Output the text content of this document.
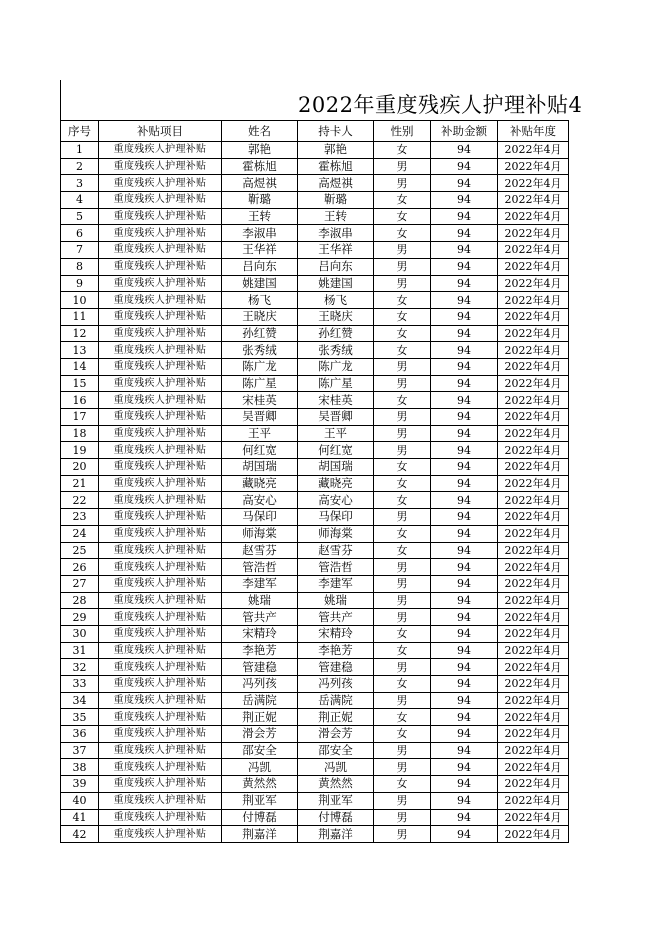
2022年重度残疾人护理补贴4
序号	补贴项目	姓名	持卡人	性别	补助金额	补贴年度
1	重度残疾人护理补贴	郭艳	郭艳	女	94	2022年4月
2	重度残疾人护理补贴	霍栋旭	霍栋旭	男	94	2022年4月
3	重度残疾人护理补贴	高煜祺	高煜祺	男	94	2022年4月
4	重度残疾人护理补贴	靳璐	靳璐	女	94	2022年4月
5	重度残疾人护理补贴	王转	王转	女	94	2022年4月
6	重度残疾人护理补贴	李淑串	李淑串	女	94	2022年4月
7	重度残疾人护理补贴	王华祥	王华祥	男	94	2022年4月
8	重度残疾人护理补贴	吕向东	吕向东	男	94	2022年4月
9	重度残疾人护理补贴	姚建国	姚建国	男	94	2022年4月
10	重度残疾人护理补贴	杨飞	杨飞	女	94	2022年4月
11	重度残疾人护理补贴	王晓庆	王晓庆	女	94	2022年4月
12	重度残疾人护理补贴	孙红赞	孙红赞	女	94	2022年4月
13	重度残疾人护理补贴	张秀绒	张秀绒	女	94	2022年4月
14	重度残疾人护理补贴	陈广龙	陈广龙	男	94	2022年4月
15	重度残疾人护理补贴	陈广星	陈广星	男	94	2022年4月
16	重度残疾人护理补贴	宋桂英	宋桂英	女	94	2022年4月
17	重度残疾人护理补贴	吴晋卿	吴晋卿	男	94	2022年4月
18	重度残疾人护理补贴	王平	王平	男	94	2022年4月
19	重度残疾人护理补贴	何红宽	何红宽	男	94	2022年4月
20	重度残疾人护理补贴	胡国瑞	胡国瑞	女	94	2022年4月
21	重度残疾人护理补贴	藏晓亮	藏晓亮	女	94	2022年4月
22	重度残疾人护理补贴	高安心	高安心	女	94	2022年4月
23	重度残疾人护理补贴	马保印	马保印	男	94	2022年4月
24	重度残疾人护理补贴	师海棠	师海棠	女	94	2022年4月
25	重度残疾人护理补贴	赵雪芬	赵雪芬	女	94	2022年4月
26	重度残疾人护理补贴	管浩哲	管浩哲	男	94	2022年4月
27	重度残疾人护理补贴	李建军	李建军	男	94	2022年4月
28	重度残疾人护理补贴	姚瑞	姚瑞	男	94	2022年4月
29	重度残疾人护理补贴	管共产	管共产	男	94	2022年4月
30	重度残疾人护理补贴	宋精玲	宋精玲	女	94	2022年4月
31	重度残疾人护理补贴	李艳芳	李艳芳	女	94	2022年4月
32	重度残疾人护理补贴	管建稳	管建稳	男	94	2022年4月
33	重度残疾人护理补贴	冯列孩	冯列孩	女	94	2022年4月
34	重度残疾人护理补贴	岳满院	岳满院	男	94	2022年4月
35	重度残疾人护理补贴	荆正妮	荆正妮	女	94	2022年4月
36	重度残疾人护理补贴	滑会芳	滑会芳	女	94	2022年4月
37	重度残疾人护理补贴	邵安全	邵安全	男	94	2022年4月
38	重度残疾人护理补贴	冯凯	冯凯	男	94	2022年4月
39	重度残疾人护理补贴	黄然然	黄然然	女	94	2022年4月
40	重度残疾人护理补贴	荆亚军	荆亚军	男	94	2022年4月
41	重度残疾人护理补贴	付博磊	付博磊	男	94	2022年4月
42	重度残疾人护理补贴	荆嘉洋	荆嘉洋	男	94	2022年4月
